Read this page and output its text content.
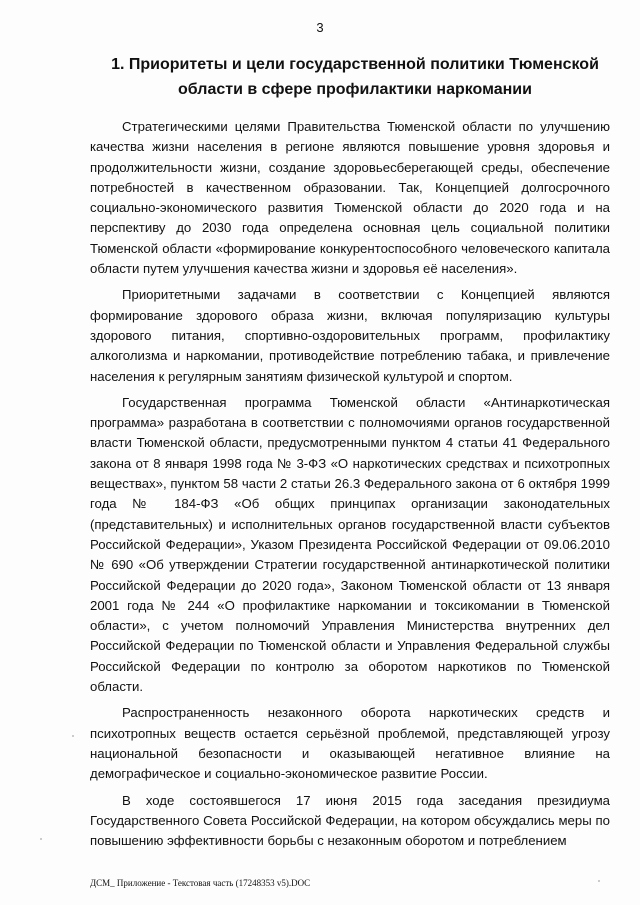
3
1. Приоритеты и цели государственной политики Тюменской
области в сфере профилактики наркомании

Стратегическими целями Правительства Тюменской области по улучшению качества жизни населения в регионе являются повышение уровня здоровья и продолжительности жизни, создание здоровьесберегающей среды, обеспечение потребностей в качественном образовании. Так, Концепцией долгосрочного социально-экономического развития Тюменской области до 2020 года и на перспективу до 2030 года определена основная цель социальной политики Тюменской области «формирование конкурентоспособного человеческого капитала области путем улучшения качества жизни и здоровья её населения».

Приоритетными задачами в соответствии с Концепцией являются формирование здорового образа жизни, включая популяризацию культуры здорового питания, спортивно-оздоровительных программ, профилактику алкоголизма и наркомании, противодействие потреблению табака, и привлечение населения к регулярным занятиям физической культурой и спортом.

Государственная программа Тюменской области «Антинаркотическая программа» разработана в соответствии с полномочиями органов государственной власти Тюменской области, предусмотренными пунктом 4 статьи 41 Федерального закона от 8 января 1998 года № 3-ФЗ «О наркотических средствах и психотропных веществах», пунктом 58 части 2 статьи 26.3 Федерального закона от 6 октября 1999 года № 184-ФЗ «Об общих принципах организации законодательных (представительных) и исполнительных органов государственной власти субъектов Российской Федерации», Указом Президента Российской Федерации от 09.06.2010 № 690 «Об утверждении Стратегии государственной антинаркотической политики Российской Федерации до 2020 года», Законом Тюменской области от 13 января 2001 года № 244 «О профилактике наркомании и токсикомании в Тюменской области», с учетом полномочий Управления Министерства внутренних дел Российской Федерации по Тюменской области и Управления Федеральной службы Российской Федерации по контролю за оборотом наркотиков по Тюменской области.

Распространенность незаконного оборота наркотических средств и психотропных веществ остается серьёзной проблемой, представляющей угрозу национальной безопасности и оказывающей негативное влияние на демографическое и социально-экономическое развитие России.

В ходе состоявшегося 17 июня 2015 года заседания президиума Государственного Совета Российской Федерации, на котором обсуждались меры по повышению эффективности борьбы с незаконным оборотом и потреблением

ДСМ_ Приложение - Текстовая часть (17248353 v5).DOC
